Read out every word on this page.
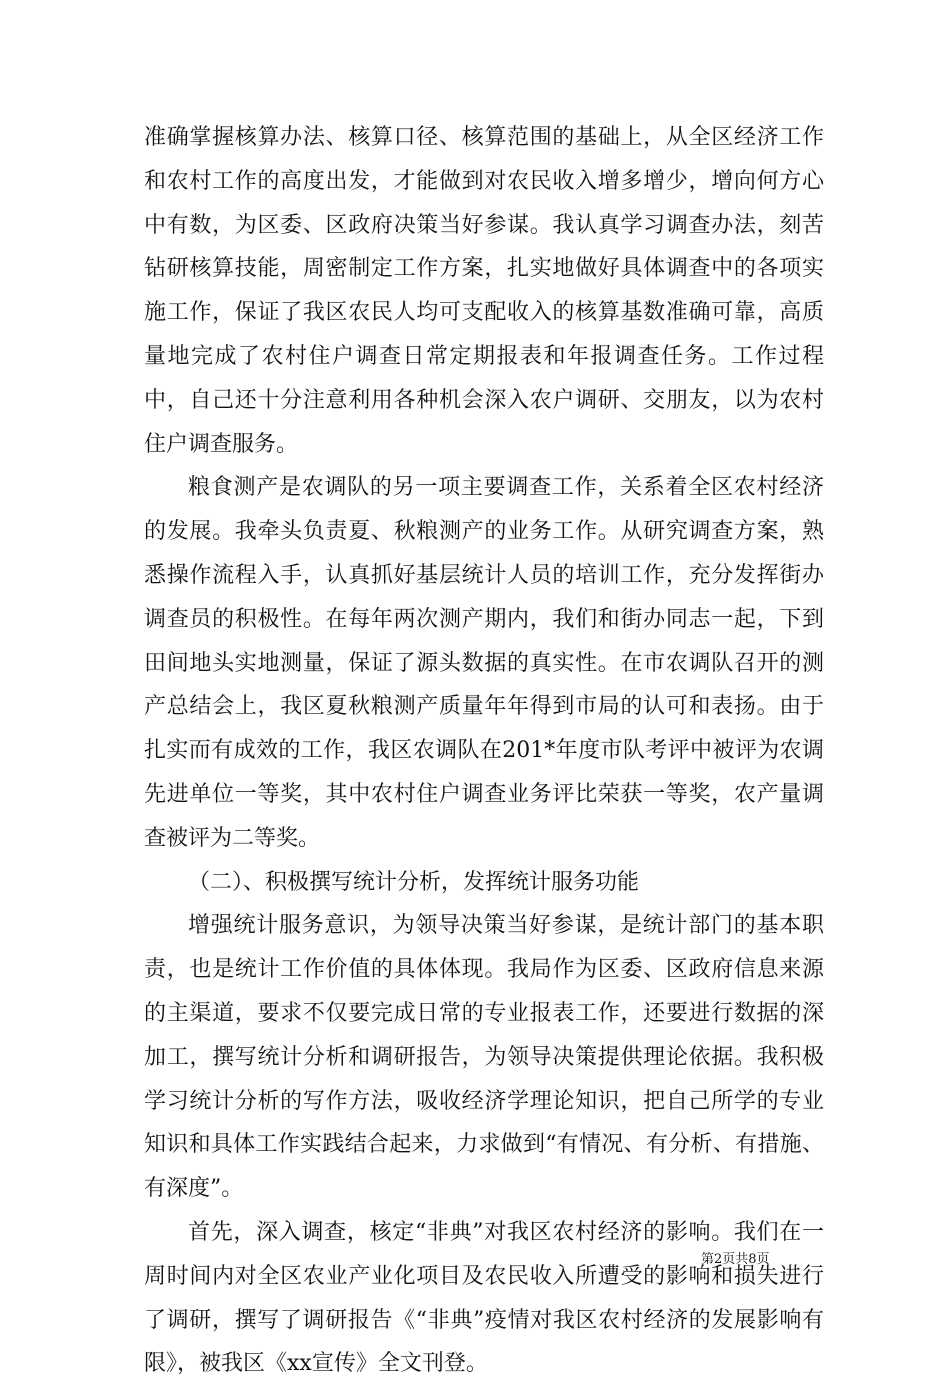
准确掌握核算办法、核算口径、核算范围的基础上，从全区经济工作和农村工作的高度出发，才能做到对农民收入增多增少，增向何方心中有数，为区委、区政府决策当好参谋。我认真学习调查办法，刻苦钻研核算技能，周密制定工作方案，扎实地做好具体调查中的各项实施工作，保证了我区农民人均可支配收入的核算基数准确可靠，高质量地完成了农村住户调查日常定期报表和年报调查任务。工作过程中，自己还十分注意利用各种机会深入农户调研、交朋友，以为农村住户调查服务。

粮食测产是农调队的另一项主要调查工作，关系着全区农村经济的发展。我牵头负责夏、秋粮测产的业务工作。从研究调查方案，熟悉操作流程入手，认真抓好基层统计人员的培训工作，充分发挥街办调查员的积极性。在每年两次测产期内，我们和街办同志一起，下到田间地头实地测量，保证了源头数据的真实性。在市农调队召开的测产总结会上，我区夏秋粮测产质量年年得到市局的认可和表扬。由于扎实而有成效的工作，我区农调队在201*年度市队考评中被评为农调先进单位一等奖，其中农村住户调查业务评比荣获一等奖，农产量调查被评为二等奖。

（二）、积极撰写统计分析，发挥统计服务功能

增强统计服务意识，为领导决策当好参谋，是统计部门的基本职责，也是统计工作价值的具体体现。我局作为区委、区政府信息来源的主渠道，要求不仅要完成日常的专业报表工作，还要进行数据的深加工，撰写统计分析和调研报告，为领导决策提供理论依据。我积极学习统计分析的写作方法，吸收经济学理论知识，把自己所学的专业知识和具体工作实践结合起来，力求做到“有情况、有分析、有措施、有深度”。

首先，深入调查，核定“非典”对我区农村经济的影响。我们在一周时间内对全区农业产业化项目及农民收入所遭受的影响和损失进行了调研，撰写了调研报告《“非典”疫情对我区农村经济的发展影响有限》，被我区《xx宣传》全文刊登。

第2页共8页
